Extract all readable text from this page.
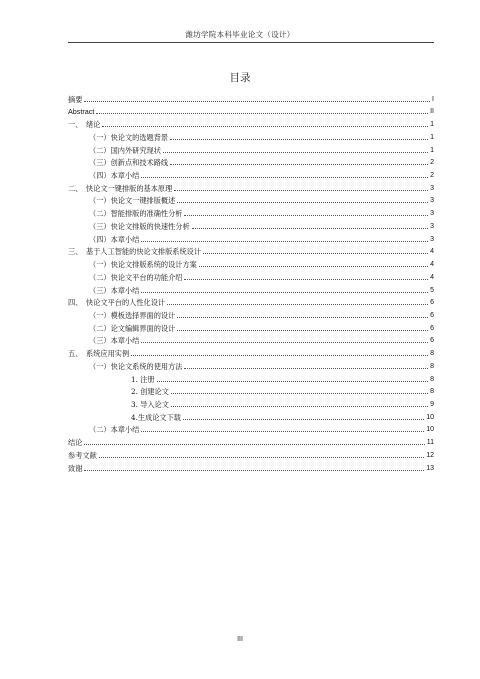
潍坊学院本科毕业论文（设计）
目录
摘要	I
Abstract	II
一、 绪论	1
（一）快论文的选题背景	1
（二）国内外研究现状	1
（三）创新点和技术路线	2
（四）本章小结	2
二、 快论文一键排版的基本原理	3
（一）快论文一键排版概述	3
（二）智能排版的准确性分析	3
（三）快论文排版的快速性分析	3
（四）本章小结	3
三、 基于人工智能的快论文排版系统设计	4
（一）快论文排版系统的设计方案	4
（二）快论文平台的功能介绍	4
（三）本章小结	5
四、 快论文平台的人性化设计	6
（一）模板选择界面的设计	6
（二）论文编辑界面的设计	6
（三）本章小结	6
五、 系统应用实例	8
（一）快论文系统的使用方法	8
1. 注册	8
2. 创建论文	8
3. 导入论文	9
4.生成论文下载	10
（二）本章小结	10
结论	11
参考文献	12
致谢	13
III
